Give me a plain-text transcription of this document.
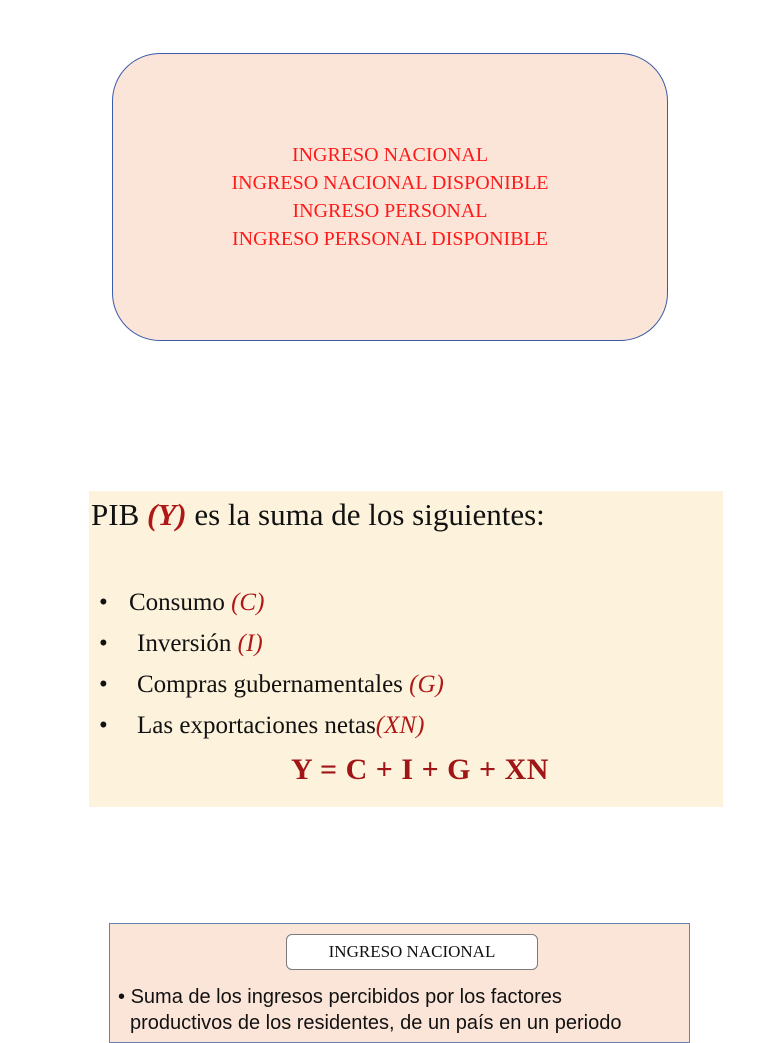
INGRESO NACIONAL
INGRESO NACIONAL DISPONIBLE
INGRESO PERSONAL
INGRESO PERSONAL DISPONIBLE
PIB (Y) es la suma de los siguientes:
• Consumo (C)
• Inversión (I)
• Compras gubernamentales (G)
• Las exportaciones netas(XN)
Y = C + I + G + XN
INGRESO NACIONAL
• Suma de los ingresos percibidos por los factores
productivos de los residentes, de un país en un periodo
